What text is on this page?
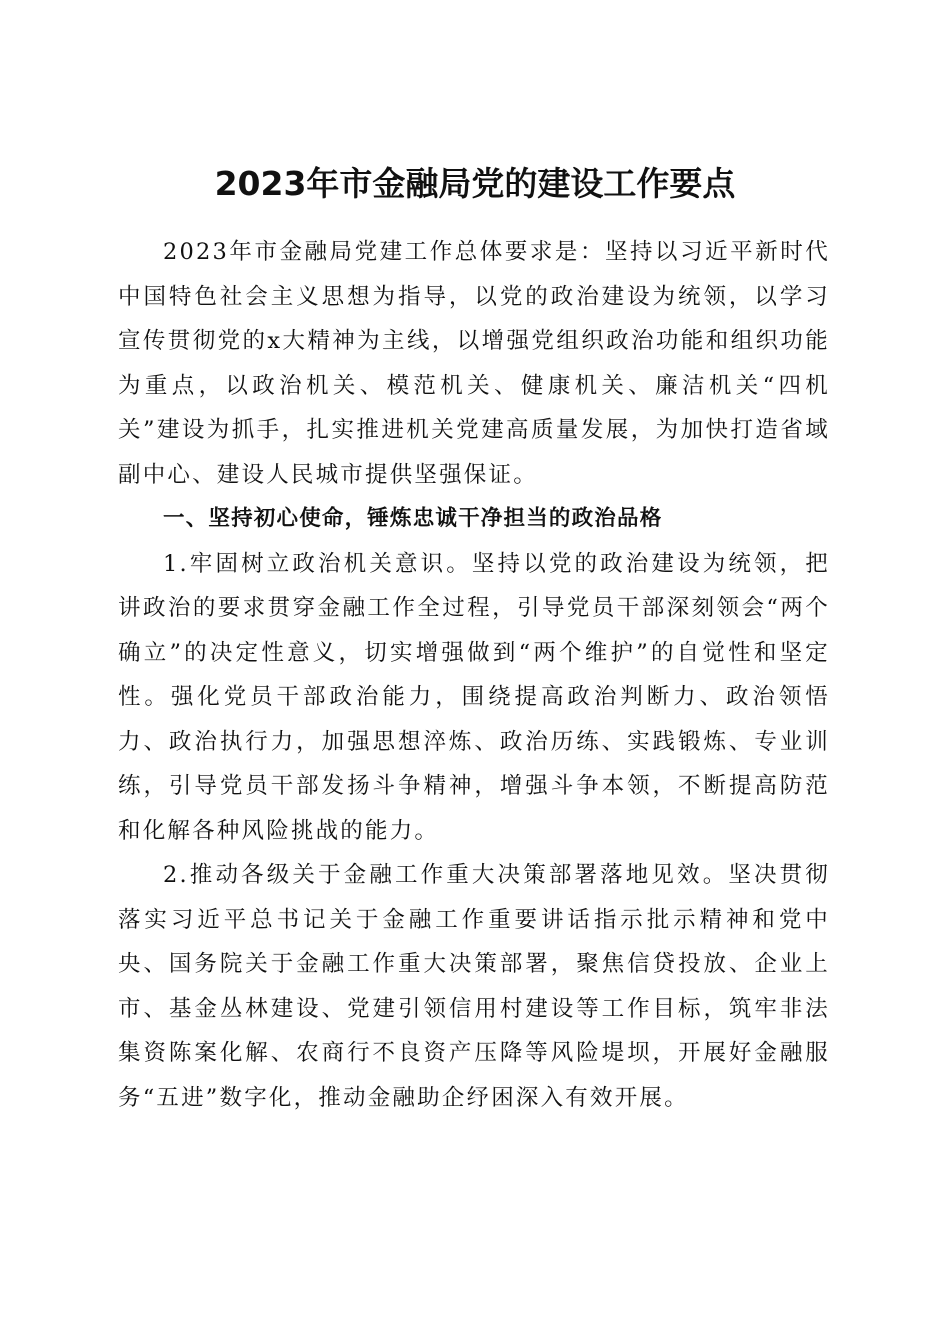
2023年市金融局党的建设工作要点

2023年市金融局党建工作总体要求是：坚持以习近平新时代中国特色社会主义思想为指导，以党的政治建设为统领，以学习宣传贯彻党的x大精神为主线，以增强党组织政治功能和组织功能为重点，以政治机关、模范机关、健康机关、廉洁机关“四机关”建设为抓手，扎实推进机关党建高质量发展，为加快打造省域副中心、建设人民城市提供坚强保证。

一、坚持初心使命，锤炼忠诚干净担当的政治品格

1.牢固树立政治机关意识。坚持以党的政治建设为统领，把讲政治的要求贯穿金融工作全过程，引导党员干部深刻领会“两个确立”的决定性意义，切实增强做到“两个维护”的自觉性和坚定性。强化党员干部政治能力，围绕提高政治判断力、政治领悟力、政治执行力，加强思想淬炼、政治历练、实践锻炼、专业训练，引导党员干部发扬斗争精神，增强斗争本领，不断提高防范和化解各种风险挑战的能力。

2.推动各级关于金融工作重大决策部署落地见效。坚决贯彻落实习近平总书记关于金融工作重要讲话指示批示精神和党中央、国务院关于金融工作重大决策部署，聚焦信贷投放、企业上市、基金丛林建设、党建引领信用村建设等工作目标，筑牢非法集资陈案化解、农商行不良资产压降等风险堤坝，开展好金融服务“五进”数字化，推动金融助企纾困深入有效开展。
